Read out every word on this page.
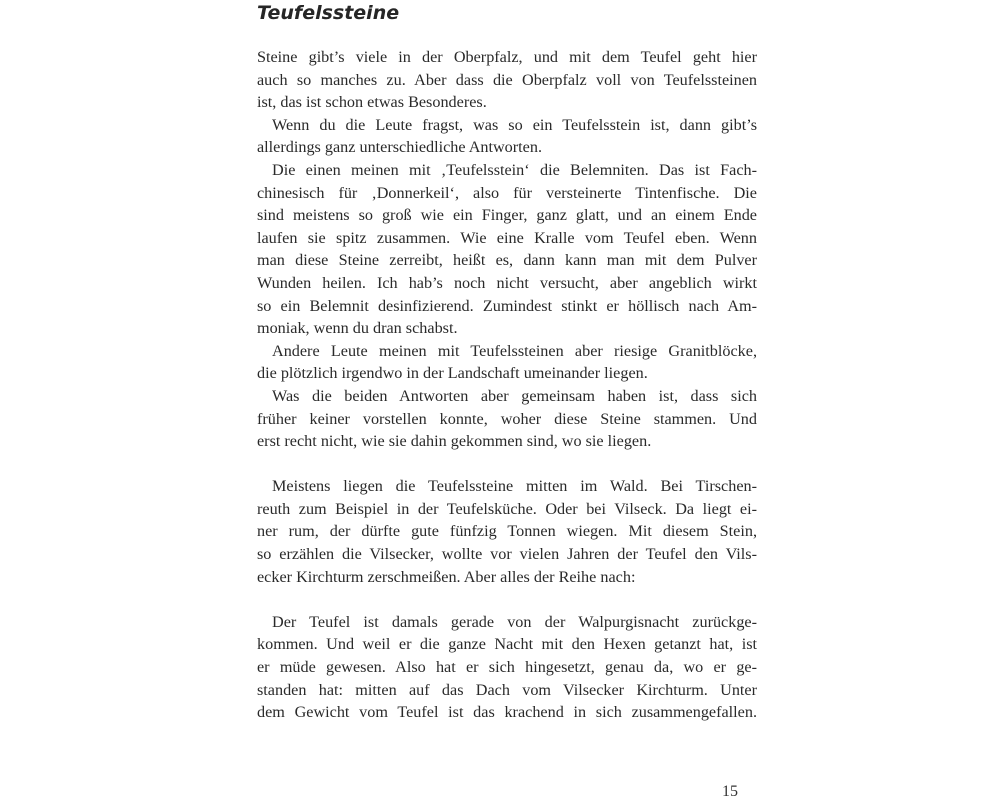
Teufelssteine
Steine gibt’s viele in der Oberpfalz, und mit dem Teufel geht hier
auch so manches zu. Aber dass die Oberpfalz voll von Teufelssteinen
ist, das ist schon etwas Besonderes.
Wenn du die Leute fragst, was so ein Teufelsstein ist, dann gibt’s
allerdings ganz unterschiedliche Antworten.
Die einen meinen mit ‚Teufelsstein‘ die Belemniten. Das ist Fach-
chinesisch für ‚Donnerkeil‘, also für versteinerte Tintenfische. Die
sind meistens so groß wie ein Finger, ganz glatt, und an einem Ende
laufen sie spitz zusammen. Wie eine Kralle vom Teufel eben. Wenn
man diese Steine zerreibt, heißt es, dann kann man mit dem Pulver
Wunden heilen. Ich hab’s noch nicht versucht, aber angeblich wirkt
so ein Belemnit desinfizierend. Zumindest stinkt er höllisch nach Am-
moniak, wenn du dran schabst.
Andere Leute meinen mit Teufelssteinen aber riesige Granitblöcke,
die plötzlich irgendwo in der Landschaft umeinander liegen.
Was die beiden Antworten aber gemeinsam haben ist, dass sich
früher keiner vorstellen konnte, woher diese Steine stammen. Und
erst recht nicht, wie sie dahin gekommen sind, wo sie liegen.
Meistens liegen die Teufelssteine mitten im Wald. Bei Tirschen-
reuth zum Beispiel in der Teufelsküche. Oder bei Vilseck. Da liegt ei-
ner rum, der dürfte gute fünfzig Tonnen wiegen. Mit diesem Stein,
so erzählen die Vilsecker, wollte vor vielen Jahren der Teufel den Vils-
ecker Kirchturm zerschmeißen. Aber alles der Reihe nach:
Der Teufel ist damals gerade von der Walpurgisnacht zurückge-
kommen. Und weil er die ganze Nacht mit den Hexen getanzt hat, ist
er müde gewesen. Also hat er sich hingesetzt, genau da, wo er ge-
standen hat: mitten auf das Dach vom Vilsecker Kirchturm. Unter
dem Gewicht vom Teufel ist das krachend in sich zusammengefallen.

15
